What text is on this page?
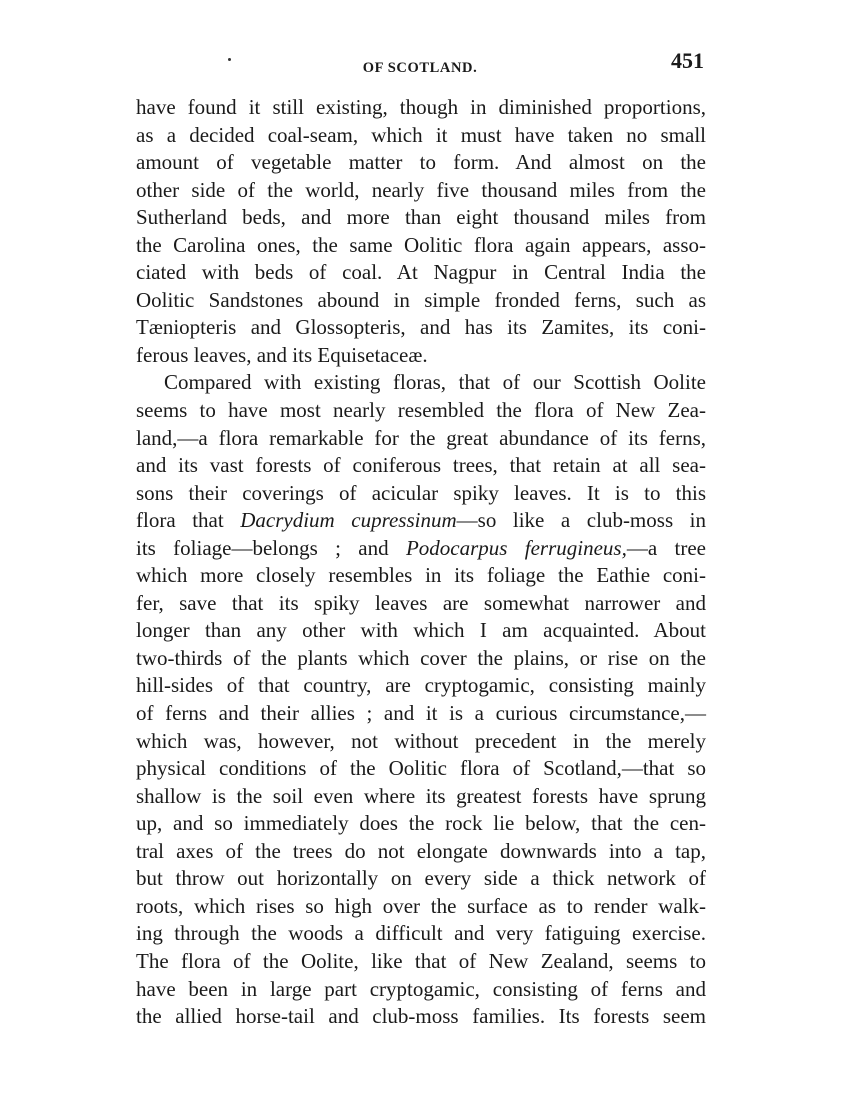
OF SCOTLAND.	451
have found it still existing, though in diminished proportions,
as a decided coal-seam, which it must have taken no small
amount of vegetable matter to form. And almost on the
other side of the world, nearly five thousand miles from the
Sutherland beds, and more than eight thousand miles from
the Carolina ones, the same Oolitic flora again appears, asso-
ciated with beds of coal. At Nagpur in Central India the
Oolitic Sandstones abound in simple fronded ferns, such as
Tæniopteris and Glossopteris, and has its Zamites, its coni-
ferous leaves, and its Equisetaceæ.
Compared with existing floras, that of our Scottish Oolite
seems to have most nearly resembled the flora of New Zea-
land,—a flora remarkable for the great abundance of its ferns,
and its vast forests of coniferous trees, that retain at all sea-
sons their coverings of acicular spiky leaves. It is to this
flora that Dacrydium cupressinum—so like a club-moss in
its foliage—belongs ; and Podocarpus ferrugineus,—a tree
which more closely resembles in its foliage the Eathie coni-
fer, save that its spiky leaves are somewhat narrower and
longer than any other with which I am acquainted. About
two-thirds of the plants which cover the plains, or rise on the
hill-sides of that country, are cryptogamic, consisting mainly
of ferns and their allies ; and it is a curious circumstance,—
which was, however, not without precedent in the merely
physical conditions of the Oolitic flora of Scotland,—that so
shallow is the soil even where its greatest forests have sprung
up, and so immediately does the rock lie below, that the cen-
tral axes of the trees do not elongate downwards into a tap,
but throw out horizontally on every side a thick network of
roots, which rises so high over the surface as to render walk-
ing through the woods a difficult and very fatiguing exercise.
The flora of the Oolite, like that of New Zealand, seems to
have been in large part cryptogamic, consisting of ferns and
the allied horse-tail and club-moss families. Its forests seem
